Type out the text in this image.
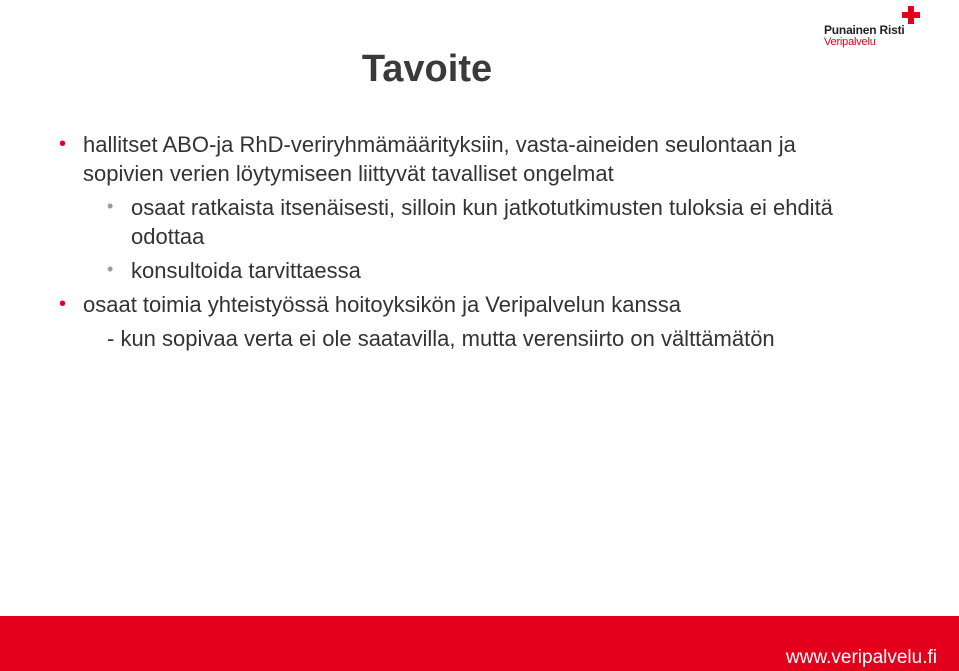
Punainen Risti
Veripalvelu
Tavoite
• hallitset ABO-ja RhD-veriryhmämäärityksiin, vasta-aineiden seulontaan ja
sopivien verien löytymiseen liittyvät tavalliset ongelmat
• osaat ratkaista itsenäisesti, silloin kun jatkotutkimusten tuloksia ei ehditä
odottaa
• konsultoida tarvittaessa
• osaat toimia yhteistyössä hoitoyksikön ja Veripalvelun kanssa
- kun sopivaa verta ei ole saatavilla, mutta verensiirto on välttämätön
www.veripalvelu.fi
